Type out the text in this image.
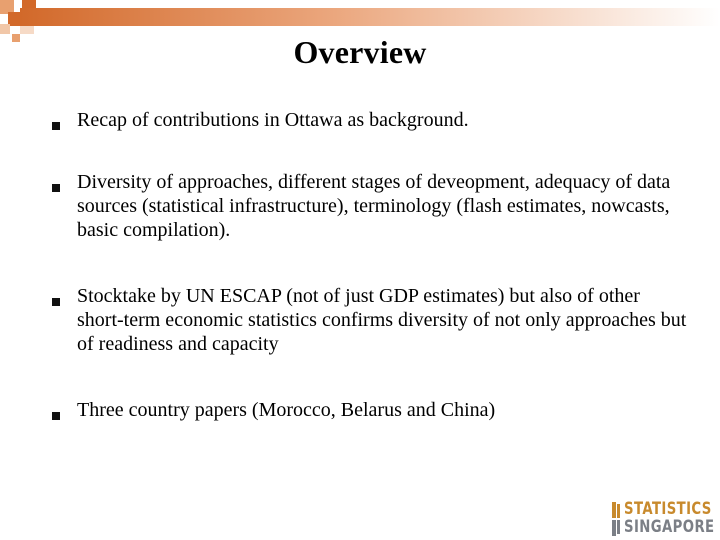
Overview
Recap of contributions in Ottawa as background.
Diversity of approaches, different stages of deveopment, adequacy of data sources (statistical infrastructure), terminology (flash estimates, nowcasts, basic compilation).
Stocktake by UN ESCAP (not of just GDP estimates) but also of other short-term economic statistics confirms diversity of not only approaches but of readiness and capacity
Three country papers (Morocco, Belarus and China)
STATISTICS
SINGAPORE
